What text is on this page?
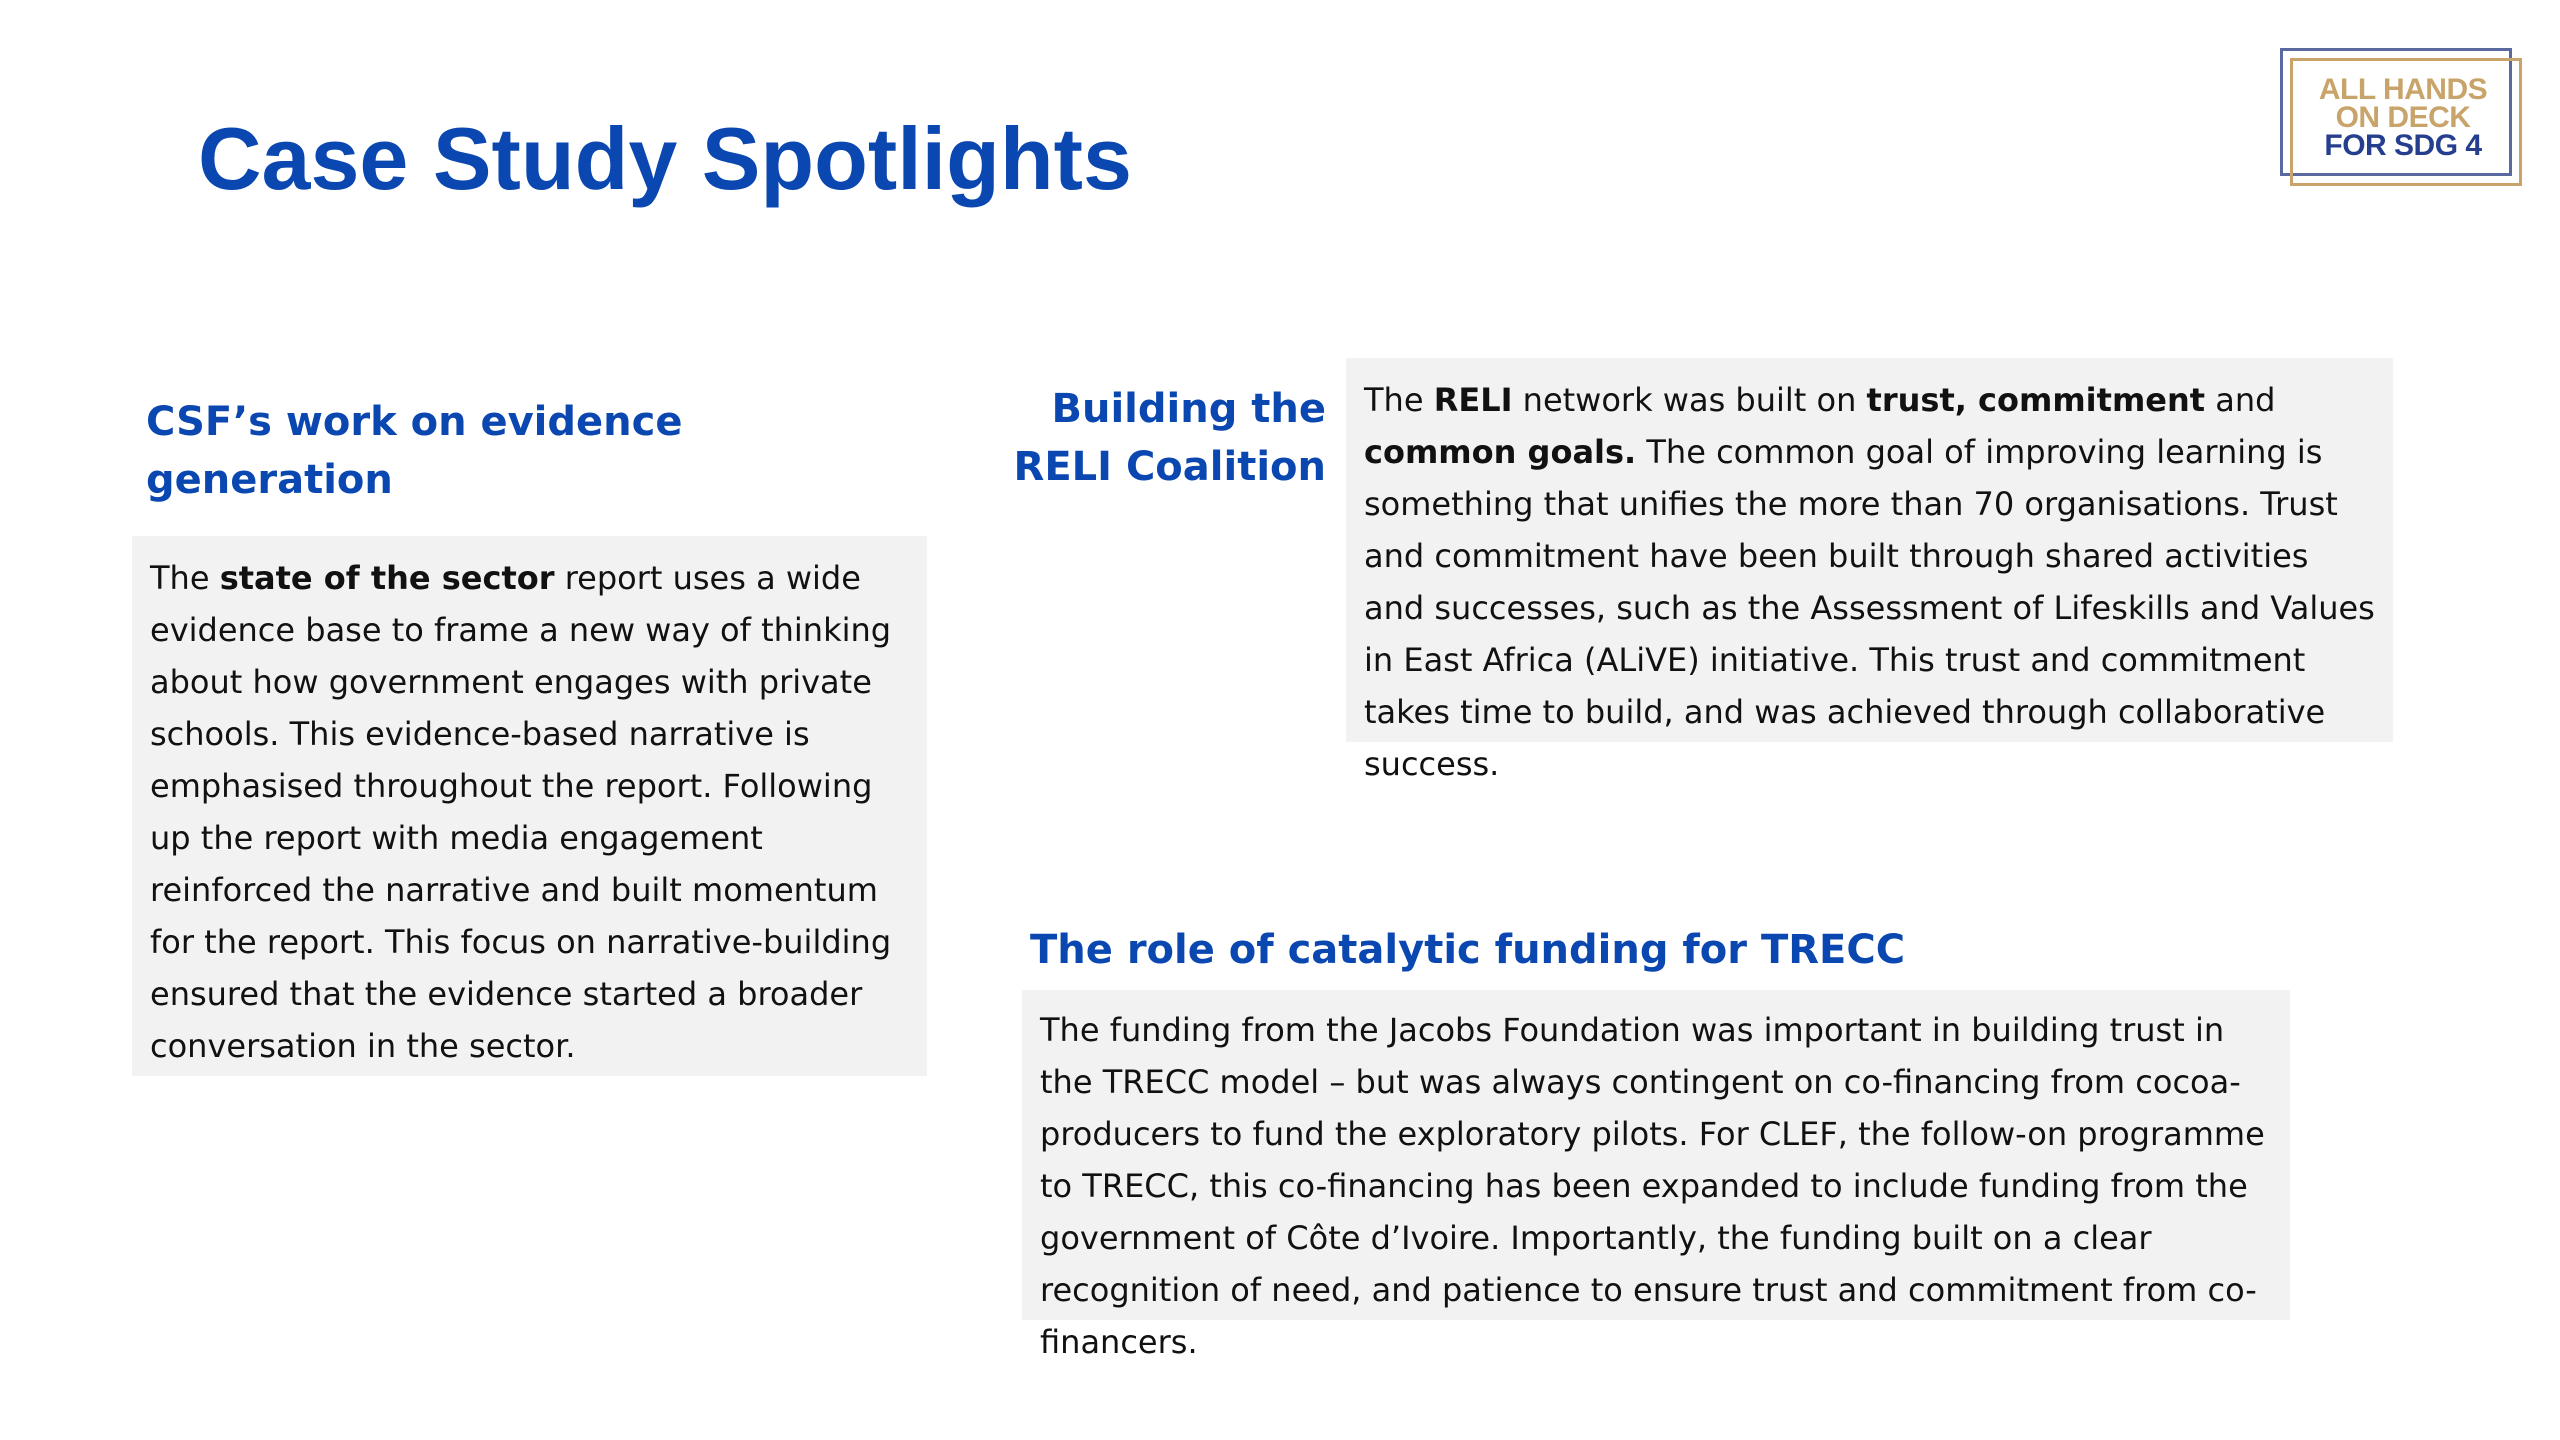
Case Study Spotlights
ALL HANDS
ON DECK
FOR SDG 4
CSF’s work on evidence generation
The state of the sector report uses a wide evidence base to frame a new way of thinking about how government engages with private schools. This evidence-based narrative is emphasised throughout the report. Following up the report with media engagement reinforced the narrative and built momentum for the report. This focus on narrative-building ensured that the evidence started a broader conversation in the sector.
Building the RELI Coalition
The RELI network was built on trust, commitment and common goals. The common goal of improving learning is something that unifies the more than 70 organisations. Trust and commitment have been built through shared activities and successes, such as the Assessment of Lifeskills and Values in East Africa (ALiVE) initiative. This trust and commitment takes time to build, and was achieved through collaborative success.
The role of catalytic funding for TRECC
The funding from the Jacobs Foundation was important in building trust in the TRECC model – but was always contingent on co-financing from cocoa-producers to fund the exploratory pilots. For CLEF, the follow-on programme to TRECC, this co-financing has been expanded to include funding from the government of Côte d’Ivoire. Importantly, the funding built on a clear recognition of need, and patience to ensure trust and commitment from co-financers.
